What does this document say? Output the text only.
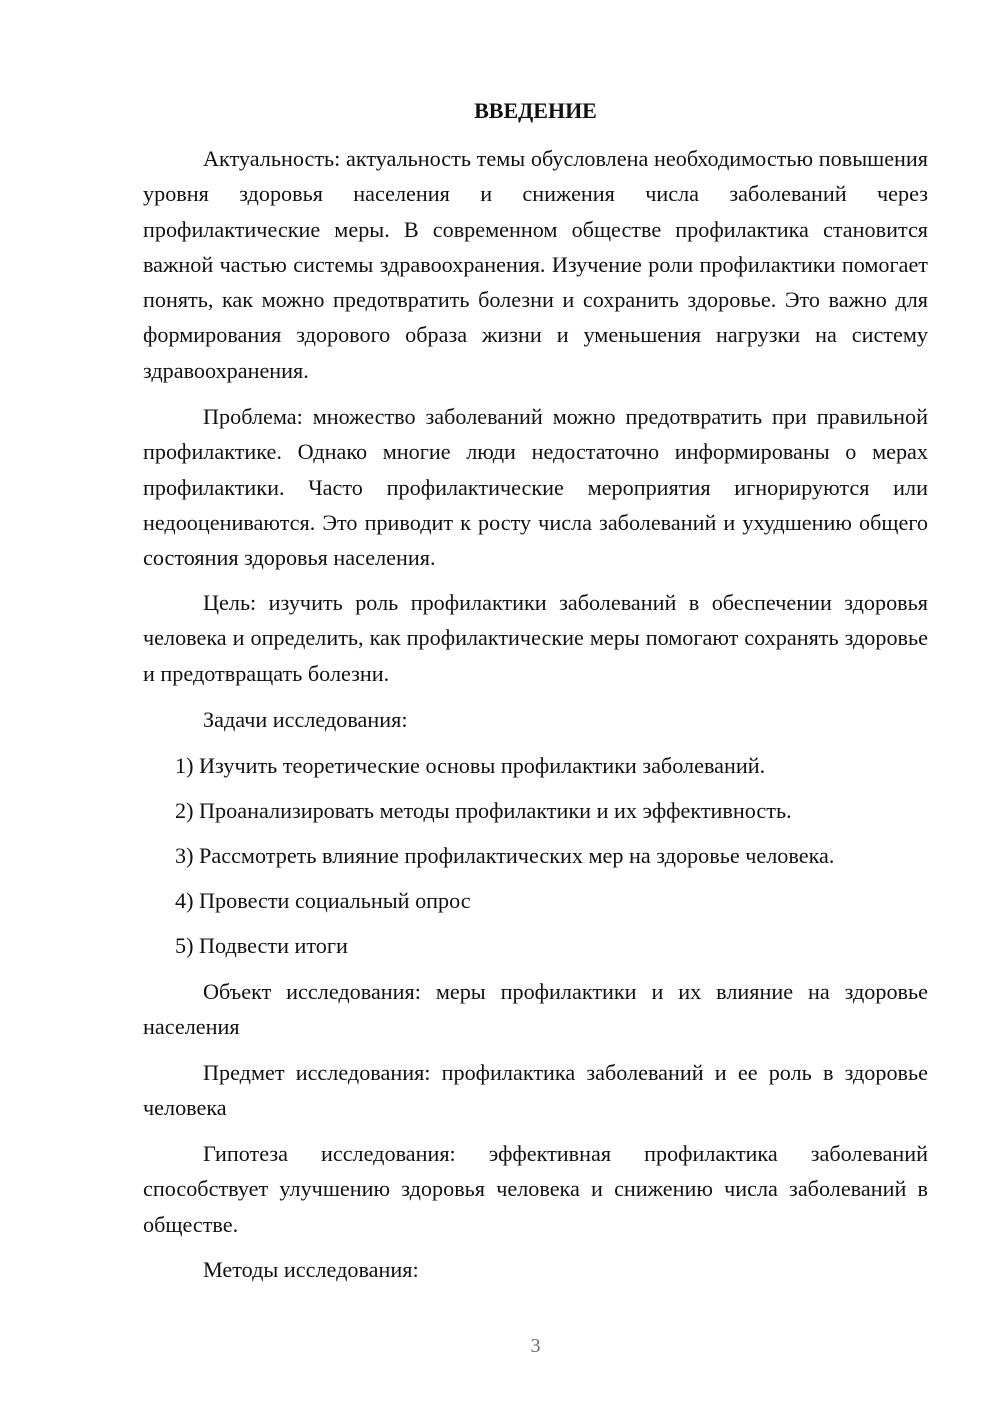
ВВЕДЕНИЕ

Актуальность: актуальность темы обусловлена необходимостью повышения уровня здоровья населения и снижения числа заболеваний через профилактические меры. В современном обществе профилактика становится важной частью системы здравоохранения. Изучение роли профилактики помогает понять, как можно предотвратить болезни и сохранить здоровье. Это важно для формирования здорового образа жизни и уменьшения нагрузки на систему здравоохранения.

Проблема: множество заболеваний можно предотвратить при правильной профилактике. Однако многие люди недостаточно информированы о мерах профилактики. Часто профилактические мероприятия игнорируются или недооцениваются. Это приводит к росту числа заболеваний и ухудшению общего состояния здоровья населения.

Цель: изучить роль профилактики заболеваний в обеспечении здоровья человека и определить, как профилактические меры помогают сохранять здоровье и предотвращать болезни.

Задачи исследования:

1) Изучить теоретические основы профилактики заболеваний.

2) Проанализировать методы профилактики и их эффективность.

3) Рассмотреть влияние профилактических мер на здоровье человека.

4) Провести социальный опрос

5) Подвести итоги

Объект исследования: меры профилактики и их влияние на здоровье населения

Предмет исследования: профилактика заболеваний и ее роль в здоровье человека

Гипотеза исследования: эффективная профилактика заболеваний способствует улучшению здоровья человека и снижению числа заболеваний в обществе.

Методы исследования:

3
